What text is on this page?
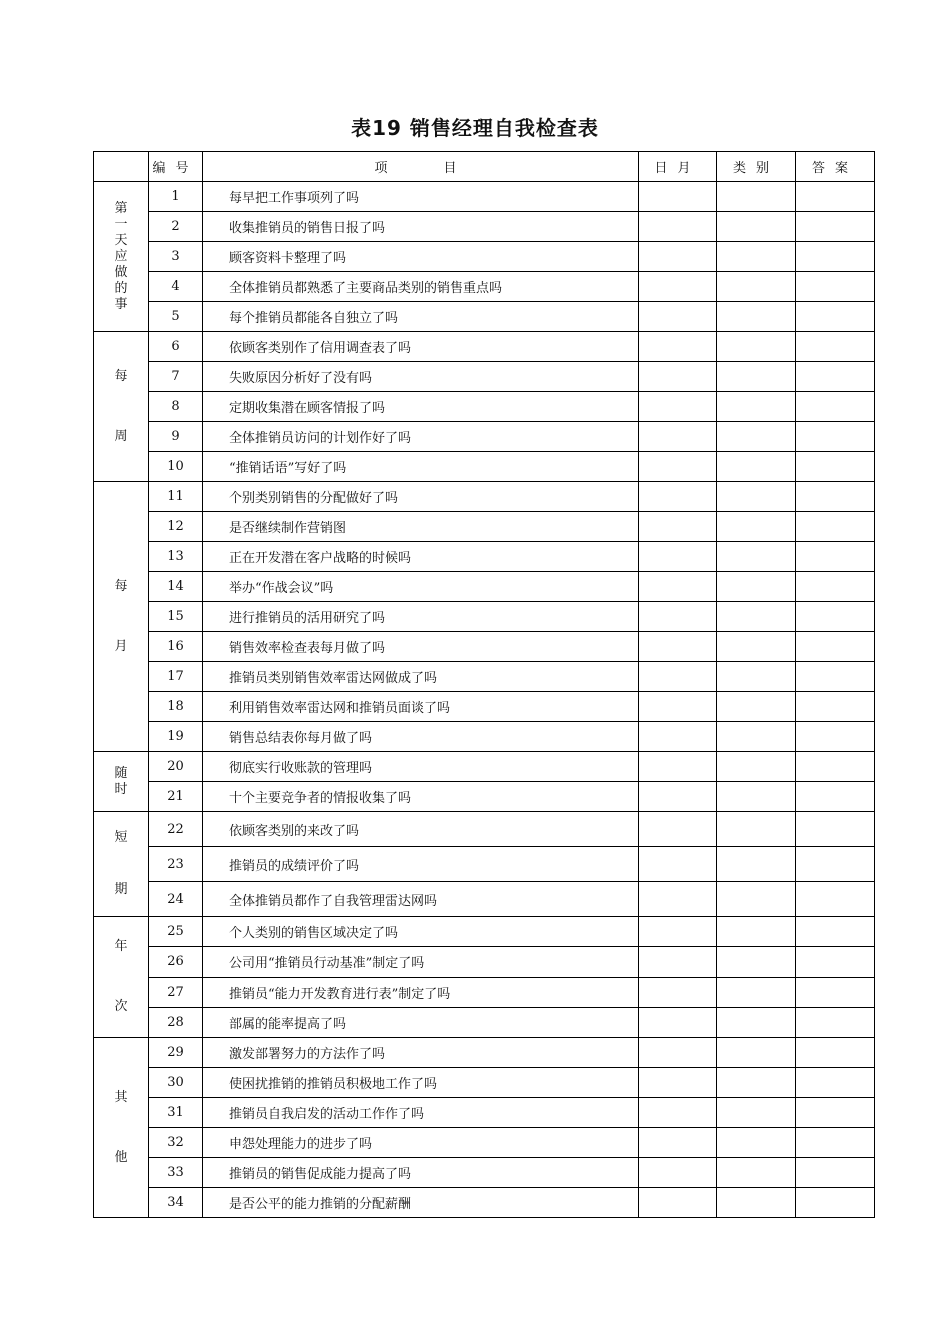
表19 销售经理自我检查表
	编号	项　　目	日月	类别	答案
第一天应做的事	1	每早把工作事项列了吗			
	2	收集推销员的销售日报了吗			
	3	顾客资料卡整理了吗			
	4	全体推销员都熟悉了主要商品类别的销售重点吗			
	5	每个推销员都能各自独立了吗			
每周	6	依顾客类别作了信用调查表了吗			
	7	失败原因分析好了没有吗			
	8	定期收集潜在顾客情报了吗			
	9	全体推销员访问的计划作好了吗			
	10	“推销话语”写好了吗			
每月	11	个别类别销售的分配做好了吗			
	12	是否继续制作营销图			
	13	正在开发潜在客户战略的时候吗			
	14	举办“作战会议”吗			
	15	进行推销员的活用研究了吗			
	16	销售效率检查表每月做了吗			
	17	推销员类别销售效率雷达网做成了吗			
	18	利用销售效率雷达网和推销员面谈了吗			
	19	销售总结表你每月做了吗			
随时	20	彻底实行收账款的管理吗			
	21	十个主要竞争者的情报收集了吗			
短期	22	依顾客类别的来改了吗			
	23	推销员的成绩评价了吗			
	24	全体推销员都作了自我管理雷达网吗			
年次	25	个人类别的销售区域决定了吗			
	26	公司用“推销员行动基准”制定了吗			
	27	推销员“能力开发教育进行表”制定了吗			
	28	部属的能率提高了吗			
其他	29	激发部署努力的方法作了吗			
	30	使困扰推销的推销员积极地工作了吗			
	31	推销员自我启发的活动工作作了吗			
	32	申怨处理能力的进步了吗			
	33	推销员的销售促成能力提高了吗			
	34	是否公平的能力推销的分配薪酬			
